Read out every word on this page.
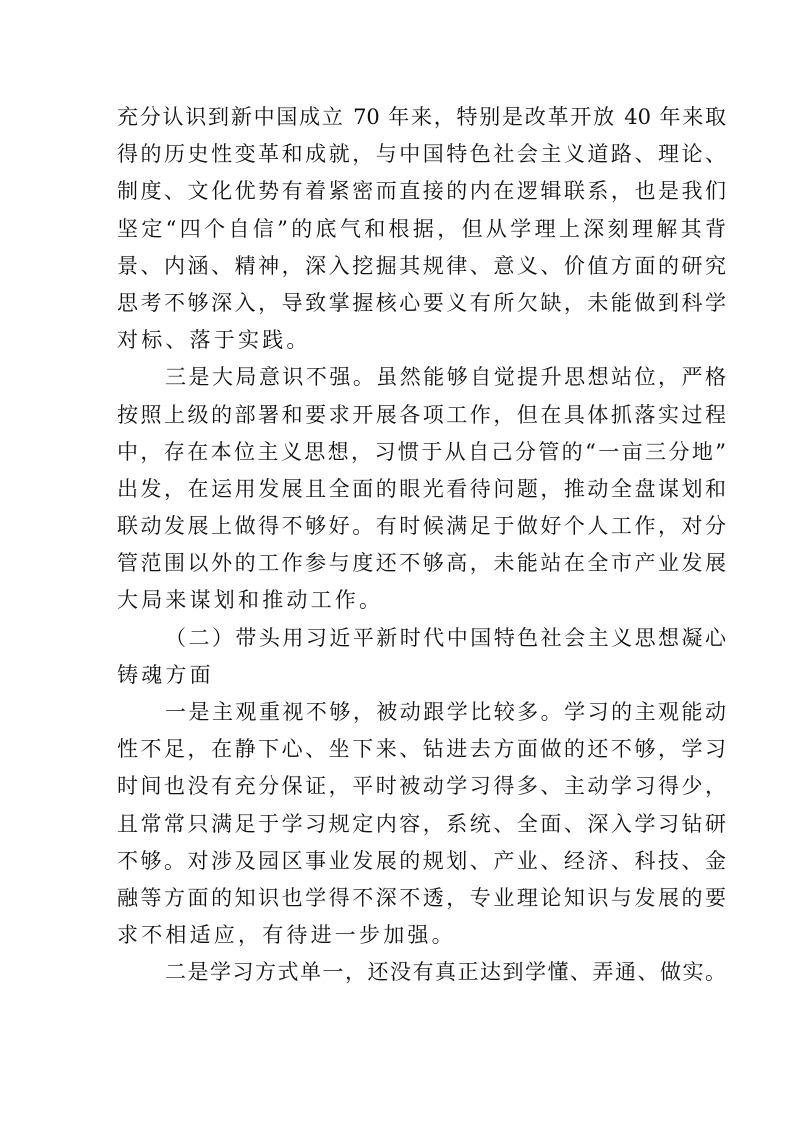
充分认识到新中国成立 70 年来，特别是改革开放 40 年来取
得的历史性变革和成就，与中国特色社会主义道路、理论、
制度、文化优势有着紧密而直接的内在逻辑联系，也是我们
坚定“四个自信”的底气和根据，但从学理上深刻理解其背
景、内涵、精神，深入挖掘其规律、意义、价值方面的研究
思考不够深入，导致掌握核心要义有所欠缺，未能做到科学
对标、落于实践。
三是大局意识不强。虽然能够自觉提升思想站位，严格
按照上级的部署和要求开展各项工作，但在具体抓落实过程
中，存在本位主义思想，习惯于从自己分管的“一亩三分地”
出发，在运用发展且全面的眼光看待问题，推动全盘谋划和
联动发展上做得不够好。有时候满足于做好个人工作，对分
管范围以外的工作参与度还不够高，未能站在全市产业发展
大局来谋划和推动工作。
（二）带头用习近平新时代中国特色社会主义思想凝心
铸魂方面
一是主观重视不够，被动跟学比较多。学习的主观能动
性不足，在静下心、坐下来、钻进去方面做的还不够，学习
时间也没有充分保证，平时被动学习得多、主动学习得少，
且常常只满足于学习规定内容，系统、全面、深入学习钻研
不够。对涉及园区事业发展的规划、产业、经济、科技、金
融等方面的知识也学得不深不透，专业理论知识与发展的要
求不相适应，有待进一步加强。
二是学习方式单一，还没有真正达到学懂、弄通、做实。
